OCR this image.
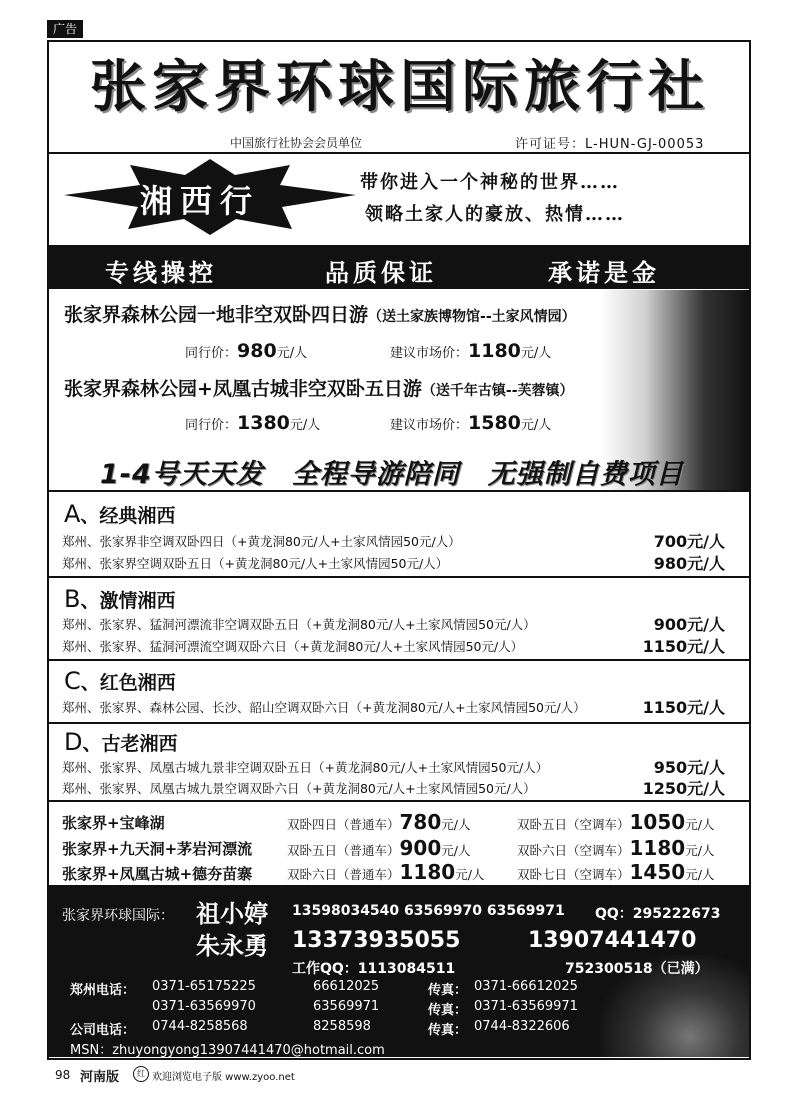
广告
张家界环球国际旅行社
中国旅行社协会会员单位	许可证号：L-HUN-GJ-00053
湘西行	带你进入一个神秘的世界……
领略土家人的豪放、热情……
专线操控	品质保证	承诺是金
张家界森林公园一地非空双卧四日游（送土家族博物馆--土家风情园）
同行价：980元/人	建议市场价：1180元/人
张家界森林公园+凤凰古城非空双卧五日游（送千年古镇--芙蓉镇）
同行价：1380元/人	建议市场价：1580元/人
1-4号天天发　全程导游陪同　无强制自费项目
A、经典湘西
郑州、张家界非空调双卧四日（+黄龙洞80元/人+土家风情园50元/人）	700元/人
郑州、张家界空调双卧五日（+黄龙洞80元/人+土家风情园50元/人）	980元/人
B、激情湘西
郑州、张家界、猛洞河漂流非空调双卧五日（+黄龙洞80元/人+土家风情园50元/人）	900元/人
郑州、张家界、猛洞河漂流空调双卧六日（+黄龙洞80元/人+土家风情园50元/人）	1150元/人
C、红色湘西
郑州、张家界、森林公园、长沙、韶山空调双卧六日（+黄龙洞80元/人+土家风情园50元/人）	1150元/人
D、古老湘西
郑州、张家界、凤凰古城九景非空调双卧五日（+黄龙洞80元/人+土家风情园50元/人）	950元/人
郑州、张家界、凤凰古城九景空调双卧六日（+黄龙洞80元/人+土家风情园50元/人）	1250元/人
张家界+宝峰湖	双卧四日（普通车）780元/人	双卧五日（空调车）1050元/人
张家界+九天洞+茅岩河漂流	双卧五日（普通车）900元/人	双卧六日（空调车）1180元/人
张家界+凤凰古城+德夯苗寨	双卧六日（普通车）1180元/人	双卧七日（空调车）1450元/人
张家界环球国际： 祖小婷 13598034540 63569970 63569971 QQ：295222673
朱永勇 13373935055	13907441470
工作QQ：1113084511	752300518（已满）
郑州电话： 0371-65175225	66612025	传真： 0371-66612025
0371-63569970	63569971	传真： 0371-63569971
公司电话： 0744-8258568	8258598	传真： 0744-8322606
MSN：zhuyongyong13907441470@hotmail.com
98 河南版	红 欢迎浏览电子版 www.zyoo.net
